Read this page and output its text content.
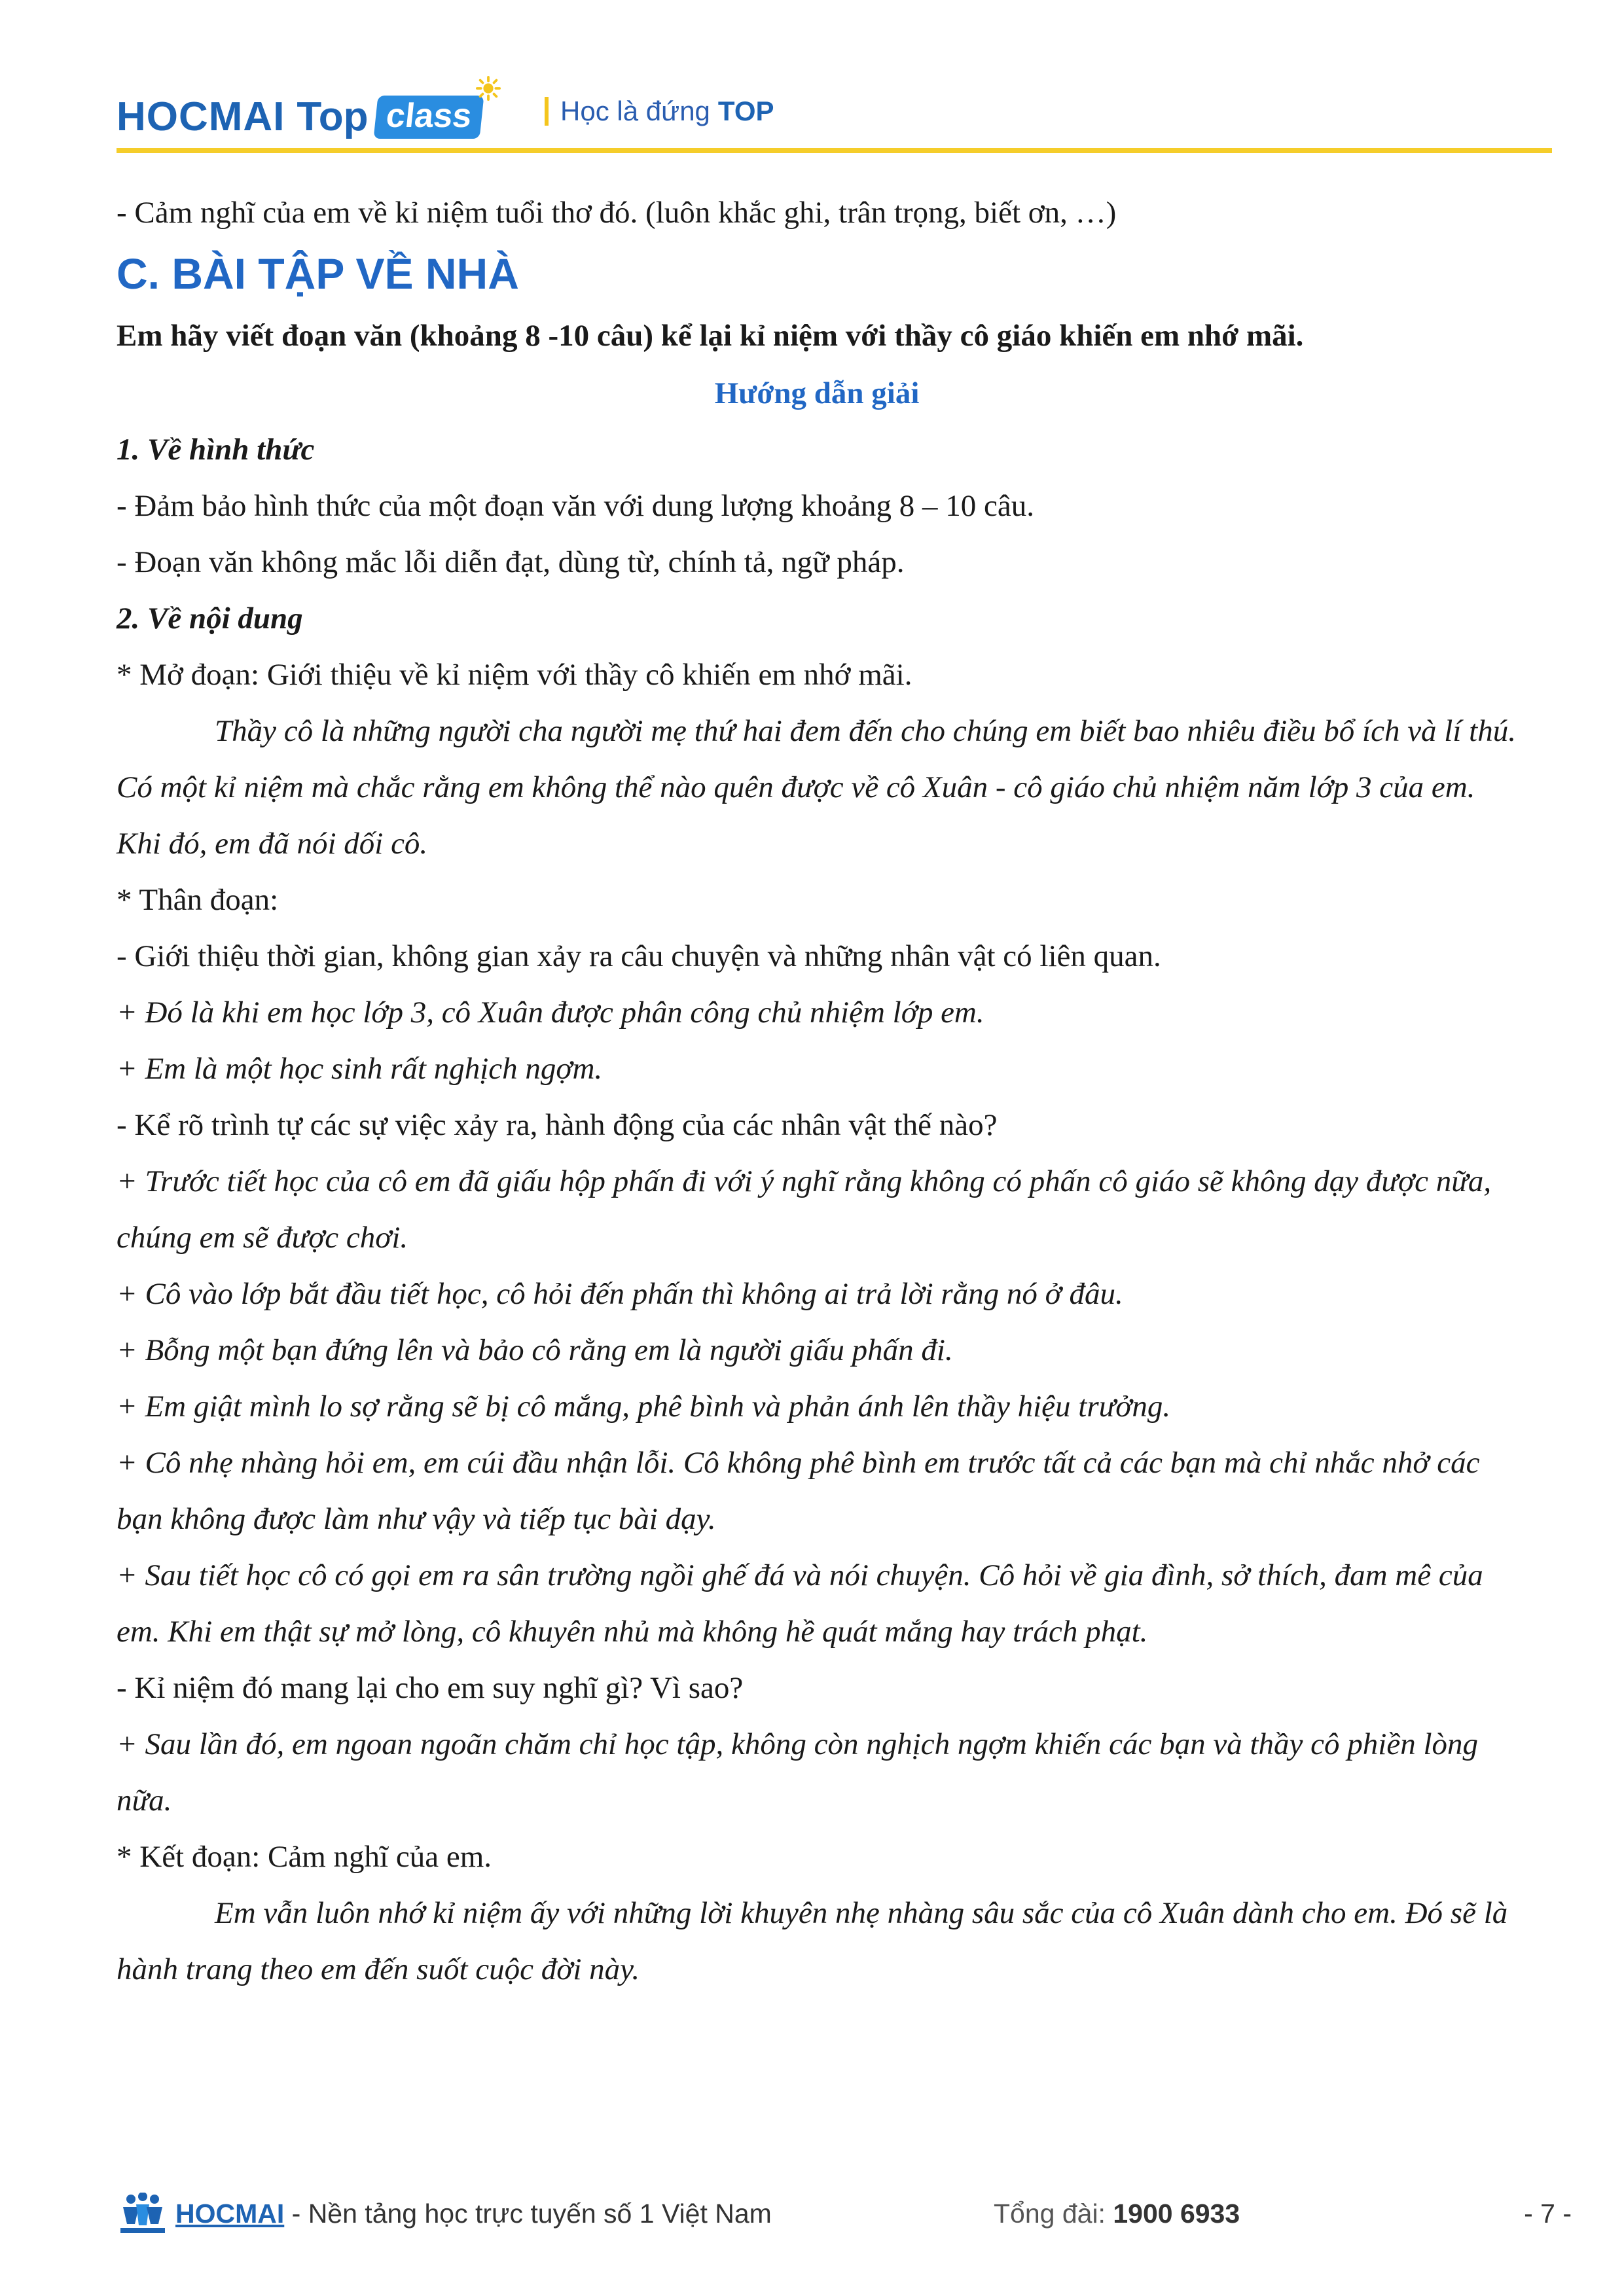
HOCMAI Top class	Học là đứng TOP

- Cảm nghĩ của em về kỉ niệm tuổi thơ đó. (luôn khắc ghi, trân trọng, biết ơn, …)

C. BÀI TẬP VỀ NHÀ

Em hãy viết đoạn văn (khoảng 8 -10 câu) kể lại kỉ niệm với thầy cô giáo khiến em nhớ mãi.

Hướng dẫn giải

1. Về hình thức

- Đảm bảo hình thức của một đoạn văn với dung lượng khoảng 8 – 10 câu.

- Đoạn văn không mắc lỗi diễn đạt, dùng từ, chính tả, ngữ pháp.

2. Về nội dung

* Mở đoạn: Giới thiệu về kỉ niệm với thầy cô khiến em nhớ mãi.

Thầy cô là những người cha người mẹ thứ hai đem đến cho chúng em biết bao nhiêu điều bổ ích và lí thú. Có một kỉ niệm mà chắc rằng em không thể nào quên được về cô Xuân - cô giáo chủ nhiệm năm lớp 3 của em. Khi đó, em đã nói dối cô.

* Thân đoạn:

- Giới thiệu thời gian, không gian xảy ra câu chuyện và những nhân vật có liên quan.

+ Đó là khi em học lớp 3, cô Xuân được phân công chủ nhiệm lớp em.

+ Em là một học sinh rất nghịch ngợm.

- Kể rõ trình tự các sự việc xảy ra, hành động của các nhân vật thế nào?

+ Trước tiết học của cô em đã giấu hộp phấn đi với ý nghĩ rằng không có phấn cô giáo sẽ không dạy được nữa, chúng em sẽ được chơi.

+ Cô vào lớp bắt đầu tiết học, cô hỏi đến phấn thì không ai trả lời rằng nó ở đâu.

+ Bỗng một bạn đứng lên và bảo cô rằng em là người giấu phấn đi.

+ Em giật mình lo sợ rằng sẽ bị cô mắng, phê bình và phản ánh lên thầy hiệu trưởng.

+ Cô nhẹ nhàng hỏi em, em cúi đầu nhận lỗi. Cô không phê bình em trước tất cả các bạn mà chỉ nhắc nhở các bạn không được làm như vậy và tiếp tục bài dạy.

+ Sau tiết học cô có gọi em ra sân trường ngồi ghế đá và nói chuyện. Cô hỏi về gia đình, sở thích, đam mê của em. Khi em thật sự mở lòng, cô khuyên nhủ mà không hề quát mắng hay trách phạt.

- Kỉ niệm đó mang lại cho em suy nghĩ gì? Vì sao?

+ Sau lần đó, em ngoan ngoãn chăm chỉ học tập, không còn nghịch ngợm khiến các bạn và thầy cô phiền lòng nữa.

* Kết đoạn: Cảm nghĩ của em.

Em vẫn luôn nhớ kỉ niệm ấy với những lời khuyên nhẹ nhàng sâu sắc của cô Xuân dành cho em. Đó sẽ là hành trang theo em đến suốt cuộc đời này.

HOCMAI - Nền tảng học trực tuyến số 1 Việt Nam	Tổng đài: 1900 6933	- 7 -
